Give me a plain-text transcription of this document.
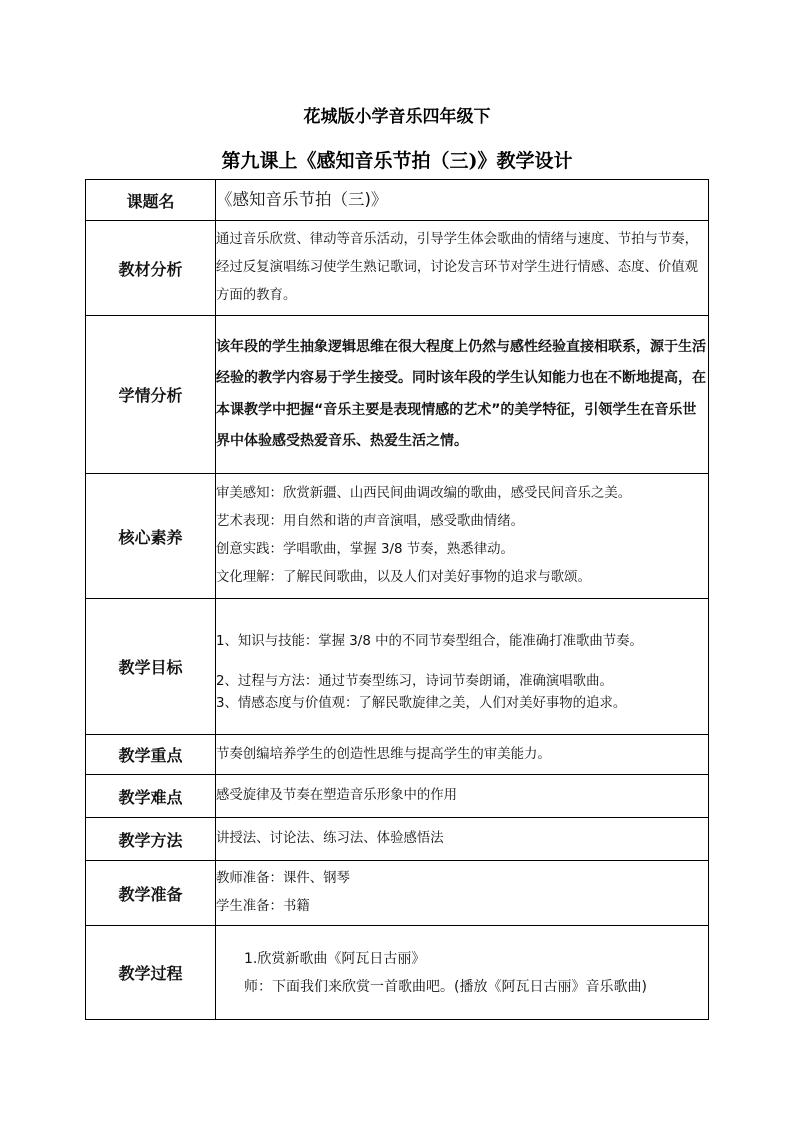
花城版小学音乐四年级下
第九课上《感知音乐节拍（三)》教学设计
课题名	《感知音乐节拍（三)》
教材分析	通过音乐欣赏、律动等音乐活动，引导学生体会歌曲的情绪与速度、节拍与节奏，经过反复演唱练习使学生熟记歌词，讨论发言环节对学生进行情感、态度、价值观方面的教育。
学情分析	该年段的学生抽象逻辑思维在很大程度上仍然与感性经验直接相联系，源于生活经验的教学内容易于学生接受。同时该年段的学生认知能力也在不断地提高，在本课教学中把握“音乐主要是表现情感的艺术”的美学特征，引领学生在音乐世界中体验感受热爱音乐、热爱生活之情。
核心素养	审美感知：欣赏新疆、山西民间曲调改编的歌曲，感受民间音乐之美。

艺术表现：用自然和谐的声音演唱，感受歌曲情绪。

创意实践：学唱歌曲，掌握 3/8 节奏，熟悉律动。

文化理解：了解民间歌曲，以及人们对美好事物的追求与歌颂。

教学目标	1、知识与技能：掌握 3/8 中的不同节奏型组合，能准确打准歌曲节奏。

2、过程与方法：通过节奏型练习，诗词节奏朗诵，准确演唱歌曲。

3、情感态度与价值观：了解民歌旋律之美，人们对美好事物的追求。

教学重点	节奏创编培养学生的创造性思维与提高学生的审美能力。
教学难点	感受旋律及节奏在塑造音乐形象中的作用
教学方法	讲授法、讨论法、练习法、体验感悟法
教学准备	教师准备：课件、钢琴

学生准备：书籍

教学过程	1.欣赏新歌曲《阿瓦日古丽》

师：下面我们来欣赏一首歌曲吧。(播放《阿瓦日古丽》音乐歌曲)
